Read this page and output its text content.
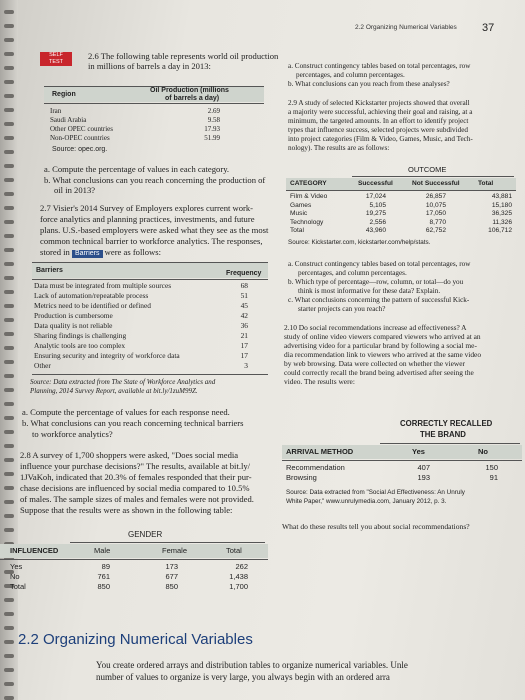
2.2 Organizing Numerical Variables 37
SELF
TEST
2.6 The following table represents world oil production
in millions of barrels a day in 2013:
Region
Oil Production (millions
of barrels a day)
Iran	2.69
Saudi Arabia	9.58
Other OPEC countries	17.93
Non-OPEC countries	51.99
Source: opec.org.
a. Compute the percentage of values in each category.
b. What conclusions can you reach concerning the production of
oil in 2013?
2.7 Visier's 2014 Survey of Employers explores current work-
force analytics and planning practices, investments, and future
plans. U.S.-based employers were asked what they see as the most
common technical barrier to workforce analytics. The responses,
stored in Barriers were as follows:
Barriers	Frequency
Data must be integrated from multiple sources	68
Lack of automation/repeatable process	51
Metrics need to be identified or defined	45
Production is cumbersome	42
Data quality is not reliable	36
Sharing findings is challenging	21
Analytic tools are too complex	17
Ensuring security and integrity of workforce data	17
Other	3
Source: Data extracted from The State of Workforce Analytics and
Planning, 2014 Survey Report, available at bit.ly/1zuM99Z.
a. Compute the percentage of values for each response need.
b. What conclusions can you reach concerning technical barriers
to workforce analytics?
2.8 A survey of 1,700 shoppers were asked, "Does social media
influence your purchase decisions?" The results, available at bit.ly/
1JVaKoh, indicated that 20.3% of females responded that their pur-
chase decisions are influenced by social media compared to 10.5%
of males. The sample sizes of males and females were not provided.
Suppose that the results were as shown in the following table:
GENDER
INFLUENCED	Male	Female	Total
Yes	89	173	262
No	761	677	1,438
Total	850	850	1,700
a. Construct contingency tables based on total percentages, row
percentages, and column percentages.
b. What conclusions can you reach from these analyses?
2.9 A study of selected Kickstarter projects showed that overall
a majority were successful, achieving their goal and raising, at a
minimum, the targeted amounts. In an effort to identify project
types that influence success, selected projects were subdivided
into project categories (Film & Video, Games, Music, and Tech-
nology). The results are as follows:
OUTCOME
CATEGORY	Successful	Not Successful	Total
Film & Video	17,024	26,857	43,881
Games	5,105	10,075	15,180
Music	19,275	17,050	36,325
Technology	2,556	8,770	11,326
Total	43,960	62,752	106,712
Source: Kickstarter.com, kickstarter.com/help/stats.
a. Construct contingency tables based on total percentages, row
percentages, and column percentages.
b. Which type of percentage—row, column, or total—do you
think is most informative for these data? Explain.
c. What conclusions concerning the pattern of successful Kick-
starter projects can you reach?
2.10 Do social recommendations increase ad effectiveness? A
study of online video viewers compared viewers who arrived at an
advertising video for a particular brand by following a social me-
dia recommendation link to viewers who arrived at the same video
by web browsing. Data were collected on whether the viewer
could correctly recall the brand being advertised after seeing the
video. The results were:
CORRECTLY RECALLED
THE BRAND
ARRIVAL METHOD	Yes	No
Recommendation	407	150
Browsing	193	91
Source: Data extracted from "Social Ad Effectiveness: An Unruly
White Paper," www.unrulymedia.com, January 2012, p. 3.
What do these results tell you about social recommendations?
2.2 Organizing Numerical Variables
You create ordered arrays and distribution tables to organize numerical variables. Unle
number of values to organize is very large, you always begin with an ordered arra
